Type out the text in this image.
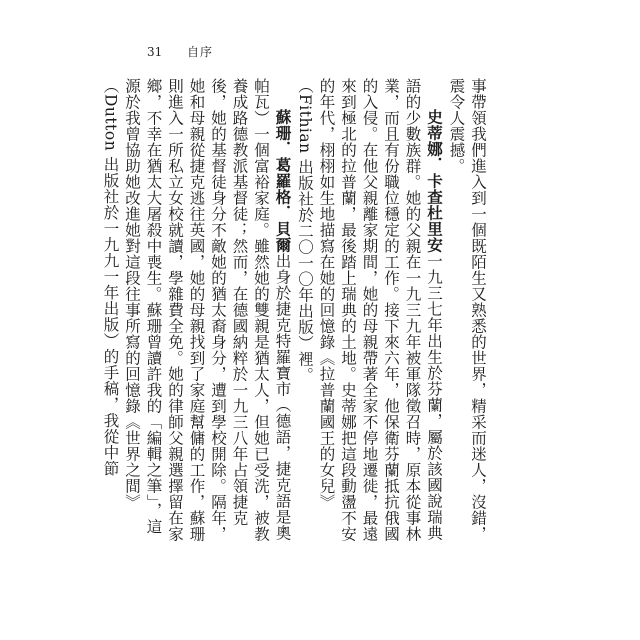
31	自序

事帶領我們進入到一個既陌生又熟悉的世界，精采而迷人，沒錯，震令人震撼。

史蒂娜．卡查杜里安一九三七年出生於芬蘭，屬於該國說瑞典語的少數族群。她的父親在一九三九年被軍隊徵召時，原本從事林業，而且有份職位穩定的工作。接下來六年，他保衛芬蘭抵抗俄國的入侵。在他父親離家期間，她的母親帶著全家不停地遷徙，最遠來到極北的拉普蘭，最後踏上瑞典的土地。史蒂娜把這段動盪不安的年代，栩栩如生地描寫在她的回憶錄《拉普蘭國王的女兒》（Fithian 出版社於二〇一〇年出版）裡。

蘇珊．葛羅格．貝爾出身於捷克特羅寶市（德語，捷克語是奧帕瓦）一個富裕家庭。雖然她的雙親是猶太人，但她已受洗，被教養成路德教派基督徒；然而，在德國納粹於一九三八年占領捷克後，她的基督徒身分不敵她的猶太裔身分，遭到學校開除。隔年，她和母親從捷克逃往英國，她的母親找到了家庭幫傭的工作，蘇珊則進入一所私立女校就讀，學雜費全免。她的律師父親選擇留在家鄉，不幸在猶太大屠殺中喪生。蘇珊曾讀許我的「編輯之筆」，這源於我曾協助她改進她對這段往事所寫的回憶錄《世界之間》（Dutton 出版社於一九九一年出版）的手稿，我從中節
